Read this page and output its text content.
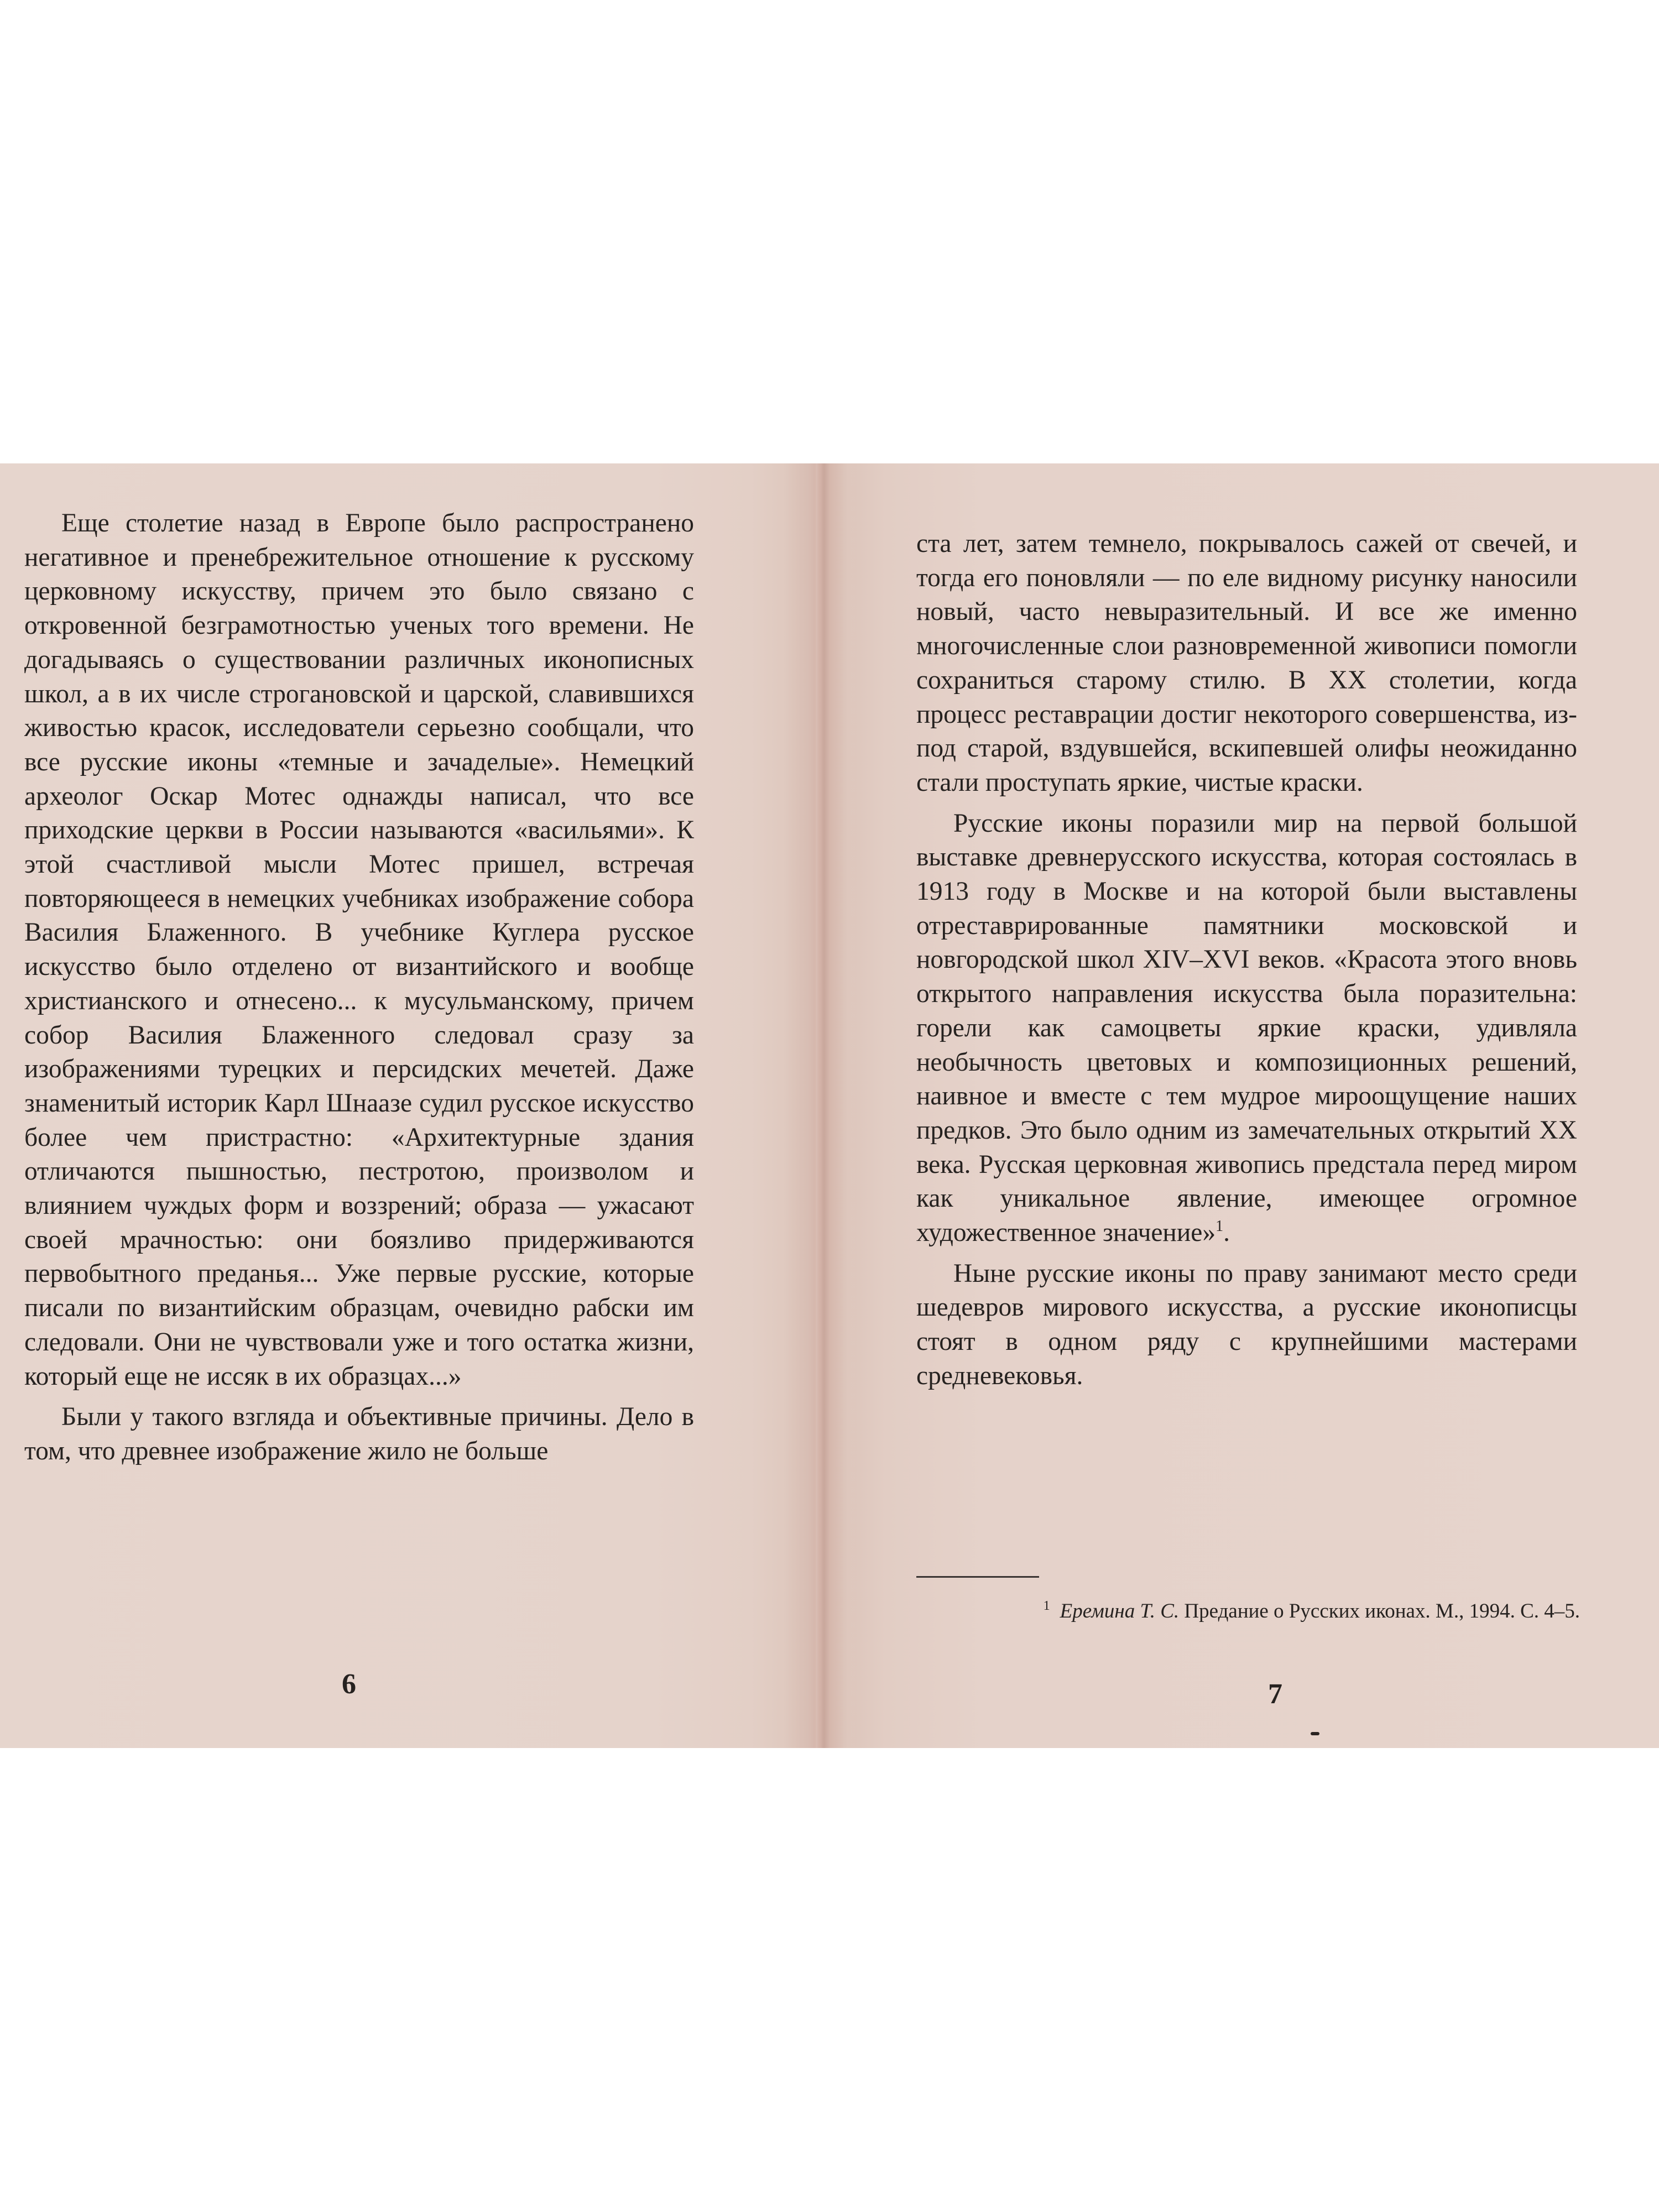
Еще столетие назад в Европе было распространено негативное и пренебрежительное отношение к русскому церковному искусству, причем это было связано с откровенной безграмотностью ученых того времени. Не догадываясь о существовании различных иконописных школ, а в их числе строгановской и царской, славившихся живостью красок, исследователи серьезно сообщали, что все русские иконы «темные и зачаделые». Немецкий археолог Оскар Мотес однажды написал, что все приходские церкви в России называются «васильями». К этой счастливой мысли Мотес пришел, встречая повторяющееся в немецких учебниках изображение собора Василия Блаженного. В учебнике Куглера русское искусство было отделено от византийского и вообще христианского и отнесено... к мусульманскому, причем собор Василия Блаженного следовал сразу за изображениями турецких и персидских мечетей. Даже знаменитый историк Карл Шнаазе судил русское искусство более чем пристрастно: «Архитектурные здания отличаются пышностью, пестротою, произволом и влиянием чуждых форм и воззрений; образа — ужасают своей мрачностью: они боязливо придерживаются первобытного преданья... Уже первые русские, которые писали по византийским образцам, очевидно рабски им следовали. Они не чувствовали уже и того остатка жизни, который еще не иссяк в их образцах...»

Были у такого взгляда и объективные причины. Дело в том, что древнее изображение жило не больше

6

ста лет, затем темнело, покрывалось сажей от свечей, и тогда его поновляли — по еле видному рисунку наносили новый, часто невыразительный. И все же именно многочисленные слои разновременной живописи помогли сохраниться старому стилю. В XX столетии, когда процесс реставрации достиг некоторого совершенства, из-под старой, вздувшейся, вскипевшей олифы неожиданно стали проступать яркие, чистые краски.

Русские иконы поразили мир на первой большой выставке древнерусского искусства, которая состоялась в 1913 году в Москве и на которой были выставлены отреставрированные памятники московской и новгородской школ XIV–XVI веков. «Красота этого вновь открытого направления искусства была поразительна: горели как самоцветы яркие краски, удивляла необычность цветовых и композиционных решений, наивное и вместе с тем мудрое мироощущение наших предков. Это было одним из замечательных открытий XX века. Русская церковная живопись предстала перед миром как уникальное явление, имеющее огромное художественное значение»$^1$.

Ныне русские иконы по праву занимают место среди шедевров мирового искусства, а русские иконописцы стоят в одном ряду с крупнейшими мастерами средневековья.

$^1$ Еремина Т. С. Предание о Русских иконах. М., 1994. С. 4–5.
7
